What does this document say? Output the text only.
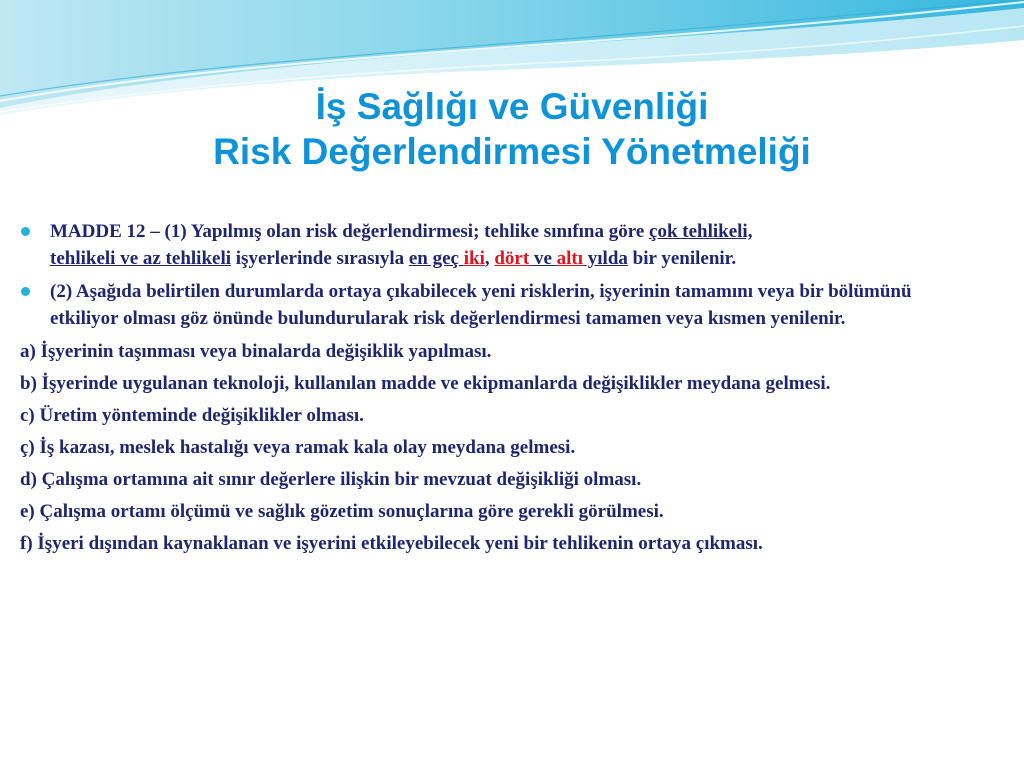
İş Sağlığı ve Güvenliği
Risk Değerlendirmesi Yönetmeliği
MADDE 12 – (1) Yapılmış olan risk değerlendirmesi; tehlike sınıfına göre çok tehlikeli,
tehlikeli ve az tehlikeli işyerlerinde sırasıyla en geç iki, dört ve altı yılda bir yenilenir.
(2) Aşağıda belirtilen durumlarda ortaya çıkabilecek yeni risklerin, işyerinin tamamını veya bir bölümünü etkiliyor olması göz önünde bulundurularak risk değerlendirmesi tamamen veya kısmen yenilenir.
a) İşyerinin taşınması veya binalarda değişiklik yapılması.
b) İşyerinde uygulanan teknoloji, kullanılan madde ve ekipmanlarda değişiklikler meydana gelmesi.
c) Üretim yönteminde değişiklikler olması.
ç) İş kazası, meslek hastalığı veya ramak kala olay meydana gelmesi.
d) Çalışma ortamına ait sınır değerlere ilişkin bir mevzuat değişikliği olması.
e) Çalışma ortamı ölçümü ve sağlık gözetim sonuçlarına göre gerekli görülmesi.
f) İşyeri dışından kaynaklanan ve işyerini etkileyebilecek yeni bir tehlikenin ortaya çıkması.
